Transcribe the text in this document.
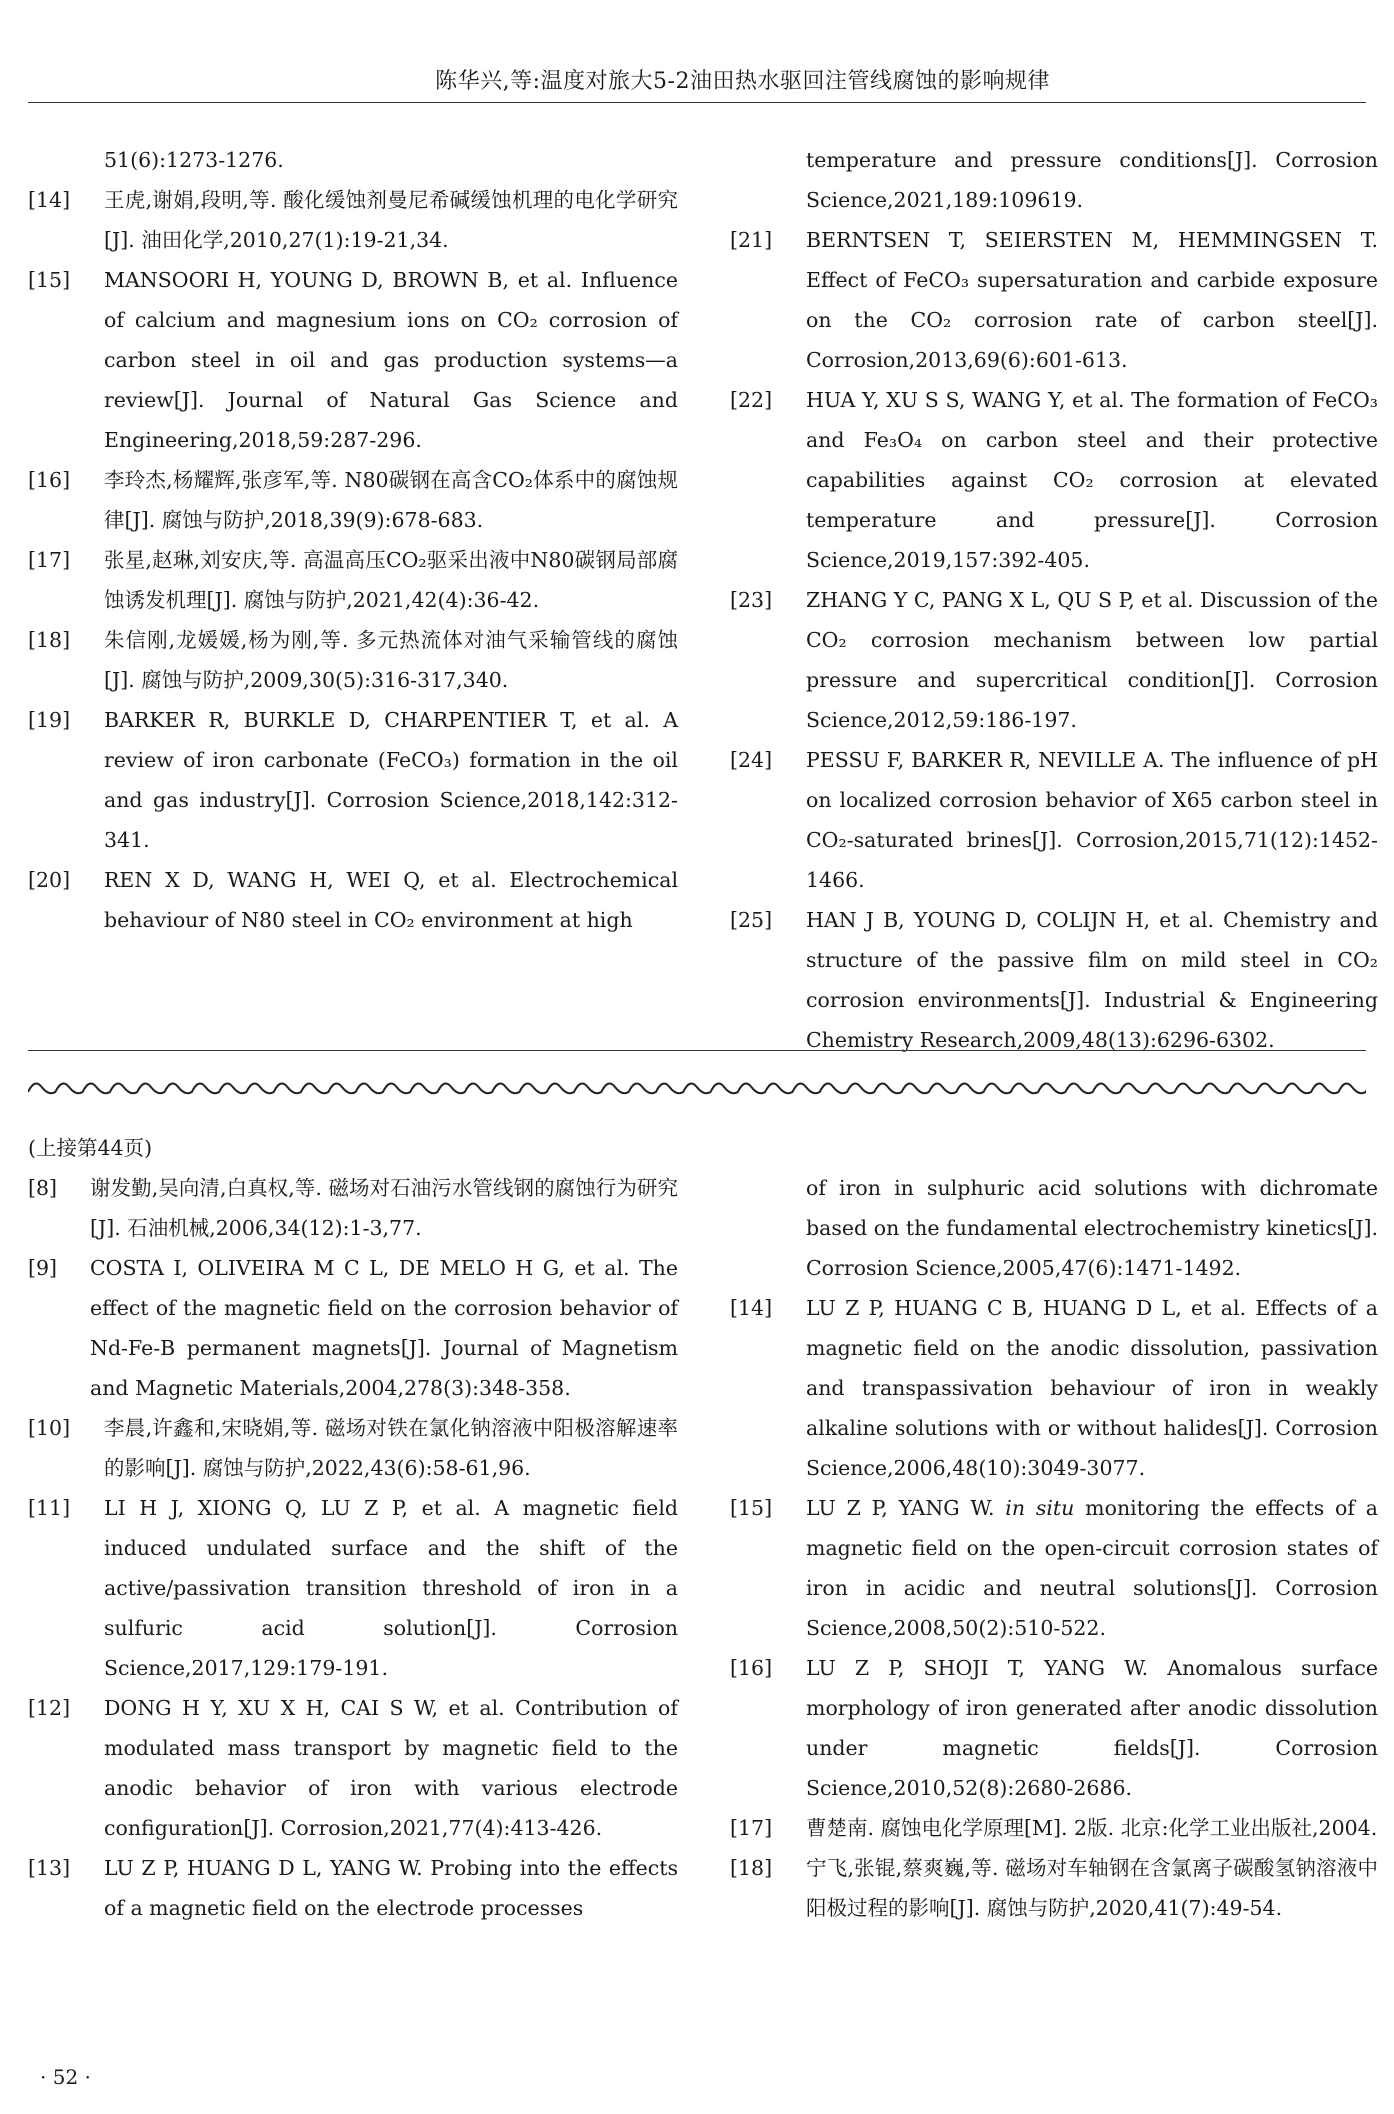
陈华兴,等:温度对旅大5-2油田热水驱回注管线腐蚀的影响规律
51(6):1273-1276.
[14]	王虎,谢娟,段明,等. 酸化缓蚀剂曼尼希碱缓蚀机理的电化学研究[J]. 油田化学,2010,27(1):19-21,34.
[15]	MANSOORI H, YOUNG D, BROWN B, et al. Influence of calcium and magnesium ions on CO₂ corrosion of carbon steel in oil and gas production systems—a review[J]. Journal of Natural Gas Science and Engineering,2018,59:287-296.
[16]	李玲杰,杨耀辉,张彦军,等. N80碳钢在高含CO₂体系中的腐蚀规律[J]. 腐蚀与防护,2018,39(9):678-683.
[17]	张星,赵琳,刘安庆,等. 高温高压CO₂驱采出液中N80碳钢局部腐蚀诱发机理[J]. 腐蚀与防护,2021,42(4):36-42.
[18]	朱信刚,龙媛媛,杨为刚,等. 多元热流体对油气采输管线的腐蚀[J]. 腐蚀与防护,2009,30(5):316-317,340.
[19]	BARKER R, BURKLE D, CHARPENTIER T, et al. A review of iron carbonate (FeCO₃) formation in the oil and gas industry[J]. Corrosion Science,2018,142:312-341.
[20]	REN X D, WANG H, WEI Q, et al. Electrochemical behaviour of N80 steel in CO₂ environment at high
temperature and pressure conditions[J]. Corrosion Science,2021,189:109619.
[21]	BERNTSEN T, SEIERSTEN M, HEMMINGSEN T. Effect of FeCO₃ supersaturation and carbide exposure on the CO₂ corrosion rate of carbon steel[J]. Corrosion,2013,69(6):601-613.
[22]	HUA Y, XU S S, WANG Y, et al. The formation of FeCO₃ and Fe₃O₄ on carbon steel and their protective capabilities against CO₂ corrosion at elevated temperature and pressure[J]. Corrosion Science,2019,157:392-405.
[23]	ZHANG Y C, PANG X L, QU S P, et al. Discussion of the CO₂ corrosion mechanism between low partial pressure and supercritical condition[J]. Corrosion Science,2012,59:186-197.
[24]	PESSU F, BARKER R, NEVILLE A. The influence of pH on localized corrosion behavior of X65 carbon steel in CO₂-saturated brines[J]. Corrosion,2015,71(12):1452-1466.
[25]	HAN J B, YOUNG D, COLIJN H, et al. Chemistry and structure of the passive film on mild steel in CO₂ corrosion environments[J]. Industrial & Engineering Chemistry Research,2009,48(13):6296-6302.
(上接第44页)
[8]	谢发勤,吴向清,白真权,等. 磁场对石油污水管线钢的腐蚀行为研究[J]. 石油机械,2006,34(12):1-3,77.
[9]	COSTA I, OLIVEIRA M C L, DE MELO H G, et al. The effect of the magnetic field on the corrosion behavior of Nd-Fe-B permanent magnets[J]. Journal of Magnetism and Magnetic Materials,2004,278(3):348-358.
[10]	李晨,许鑫和,宋晓娟,等. 磁场对铁在氯化钠溶液中阳极溶解速率的影响[J]. 腐蚀与防护,2022,43(6):58-61,96.
[11]	LI H J, XIONG Q, LU Z P, et al. A magnetic field induced undulated surface and the shift of the active/passivation transition threshold of iron in a sulfuric acid solution[J]. Corrosion Science,2017,129:179-191.
[12]	DONG H Y, XU X H, CAI S W, et al. Contribution of modulated mass transport by magnetic field to the anodic behavior of iron with various electrode configuration[J]. Corrosion,2021,77(4):413-426.
[13]	LU Z P, HUANG D L, YANG W. Probing into the effects of a magnetic field on the electrode processes
of iron in sulphuric acid solutions with dichromate based on the fundamental electrochemistry kinetics[J]. Corrosion Science,2005,47(6):1471-1492.
[14]	LU Z P, HUANG C B, HUANG D L, et al. Effects of a magnetic field on the anodic dissolution, passivation and transpassivation behaviour of iron in weakly alkaline solutions with or without halides[J]. Corrosion Science,2006,48(10):3049-3077.
[15]	LU Z P, YANG W. in situ monitoring the effects of a magnetic field on the open-circuit corrosion states of iron in acidic and neutral solutions[J]. Corrosion Science,2008,50(2):510-522.
[16]	LU Z P, SHOJI T, YANG W. Anomalous surface morphology of iron generated after anodic dissolution under magnetic fields[J]. Corrosion Science,2010,52(8):2680-2686.
[17]	曹楚南. 腐蚀电化学原理[M]. 2版. 北京:化学工业出版社,2004.
[18]	宁飞,张锟,蔡爽巍,等. 磁场对车轴钢在含氯离子碳酸氢钠溶液中阳极过程的影响[J]. 腐蚀与防护,2020,41(7):49-54.
· 52 ·
